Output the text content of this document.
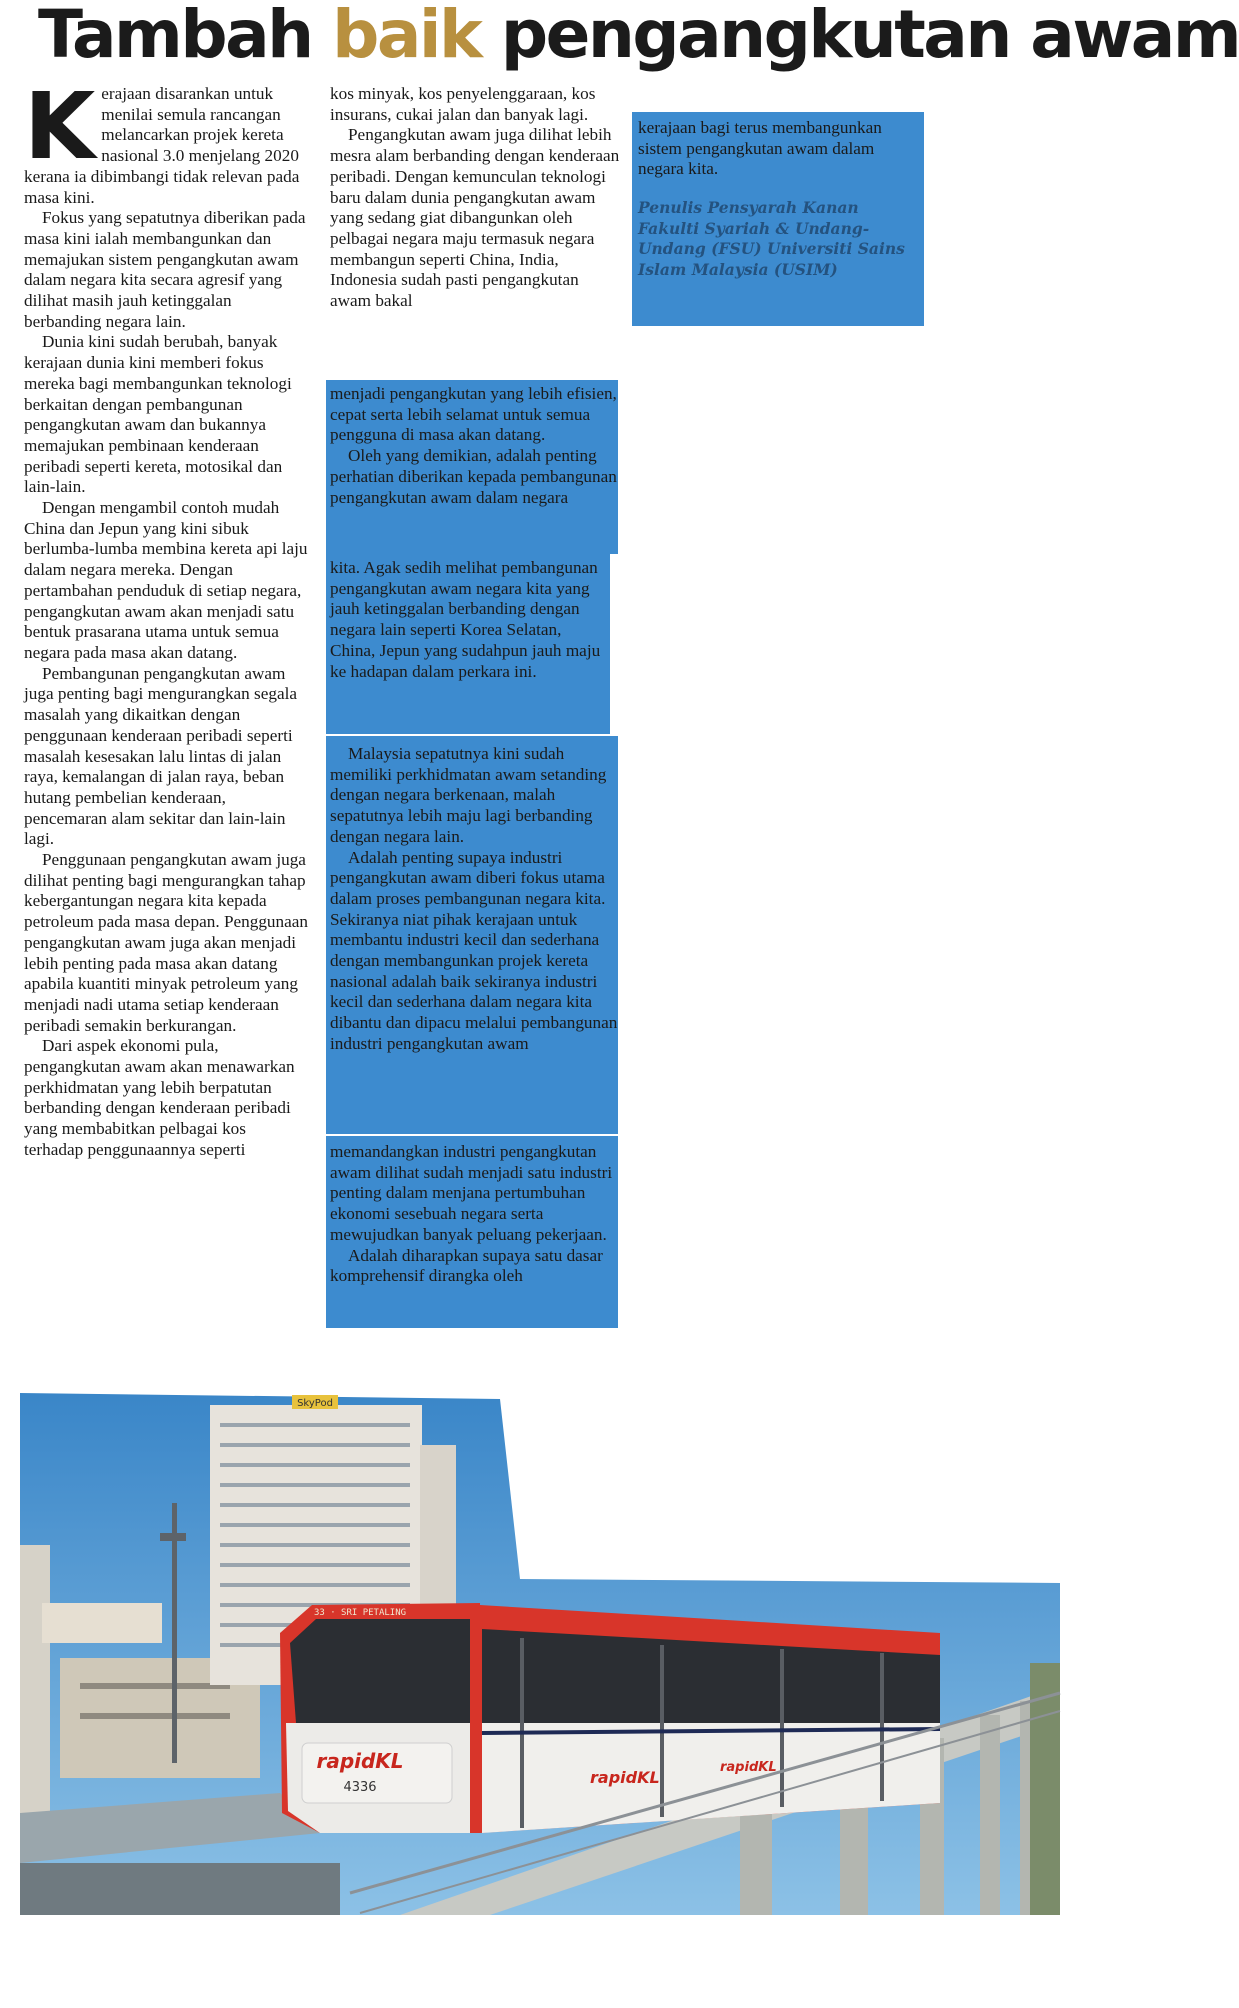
Tambah baik pengangkutan awam

Kerajaan disarankan untuk menilai semula rancangan melancarkan projek kereta nasional 3.0 menjelang 2020 kerana ia dibimbangi tidak relevan pada masa kini.

Fokus yang sepatutnya diberikan pada masa kini ialah membangunkan dan memajukan sistem pengangkutan awam dalam negara kita secara agresif yang dilihat masih jauh ketinggalan berbanding negara lain.

Dunia kini sudah berubah, banyak kerajaan dunia kini memberi fokus mereka bagi membangunkan teknologi berkaitan dengan pembangunan pengangkutan awam dan bukannya memajukan pembinaan kenderaan peribadi seperti kereta, motosikal dan lain-lain.

Dengan mengambil contoh mudah China dan Jepun yang kini sibuk berlumba-lumba membina kereta api laju dalam negara mereka. Dengan pertambahan penduduk di setiap negara, pengangkutan awam akan menjadi satu bentuk prasarana utama untuk semua negara pada masa akan datang.

Pembangunan pengangkutan awam juga penting bagi mengurangkan segala masalah yang dikaitkan dengan penggunaan kenderaan peribadi seperti masalah kesesakan lalu lintas di jalan raya, kemalangan di jalan raya, beban hutang pembelian kenderaan, pencemaran alam sekitar dan lain-lain lagi.

Penggunaan pengangkutan awam juga dilihat penting bagi mengurangkan tahap kebergantungan negara kita kepada petroleum pada masa depan. Penggunaan pengangkutan awam juga akan menjadi lebih penting pada masa akan datang apabila kuantiti minyak petroleum yang menjadi nadi utama setiap kenderaan peribadi semakin berkurangan.

Dari aspek ekonomi pula, pengangkutan awam akan menawarkan perkhidmatan yang lebih berpatutan berbanding dengan kenderaan peribadi yang membabitkan pelbagai kos terhadap penggunaannya seperti

kos minyak, kos penyelenggaraan, kos insurans, cukai jalan dan banyak lagi.

Pengangkutan awam juga dilihat lebih mesra alam berbanding dengan kenderaan peribadi. Dengan kemunculan teknologi baru dalam dunia pengangkutan awam yang sedang giat dibangunkan oleh pelbagai negara maju termasuk negara membangun seperti China, India, Indonesia sudah pasti pengangkutan awam bakal

menjadi pengangkutan yang lebih efisien, cepat serta lebih selamat untuk semua pengguna di masa akan datang.

Oleh yang demikian, adalah penting perhatian diberikan kepada pembangunan pengangkutan awam dalam negara

kita. Agak sedih melihat pembangunan pengangkutan awam negara kita yang jauh ketinggalan berbanding dengan negara lain seperti Korea Selatan, China, Jepun yang sudahpun jauh maju ke hadapan dalam perkara ini.

Malaysia sepatutnya kini sudah memiliki perkhidmatan awam setanding dengan negara berkenaan, malah sepatutnya lebih maju lagi berbanding dengan negara lain.

Adalah penting supaya industri pengangkutan awam diberi fokus utama dalam proses pembangunan negara kita. Sekiranya niat pihak kerajaan untuk membantu industri kecil dan sederhana dengan membangunkan projek kereta nasional adalah baik sekiranya industri kecil dan sederhana dalam negara kita dibantu dan dipacu melalui pembangunan industri pengangkutan awam

memandangkan industri pengangkutan awam dilihat sudah menjadi satu industri penting dalam menjana pertumbuhan ekonomi sesebuah negara serta mewujudkan banyak peluang pekerjaan.

Adalah diharapkan supaya satu dasar komprehensif dirangka oleh

kerajaan bagi terus membangunkan sistem pengangkutan awam dalam negara kita.

Penulis Pensyarah Kanan Fakulti Syariah & Undang-Undang (FSU) Universiti Sains Islam Malaysia (USIM)
SkyPod
rapidKL
4336
33 · SRI PETALING
rapidKL
rapidKL
